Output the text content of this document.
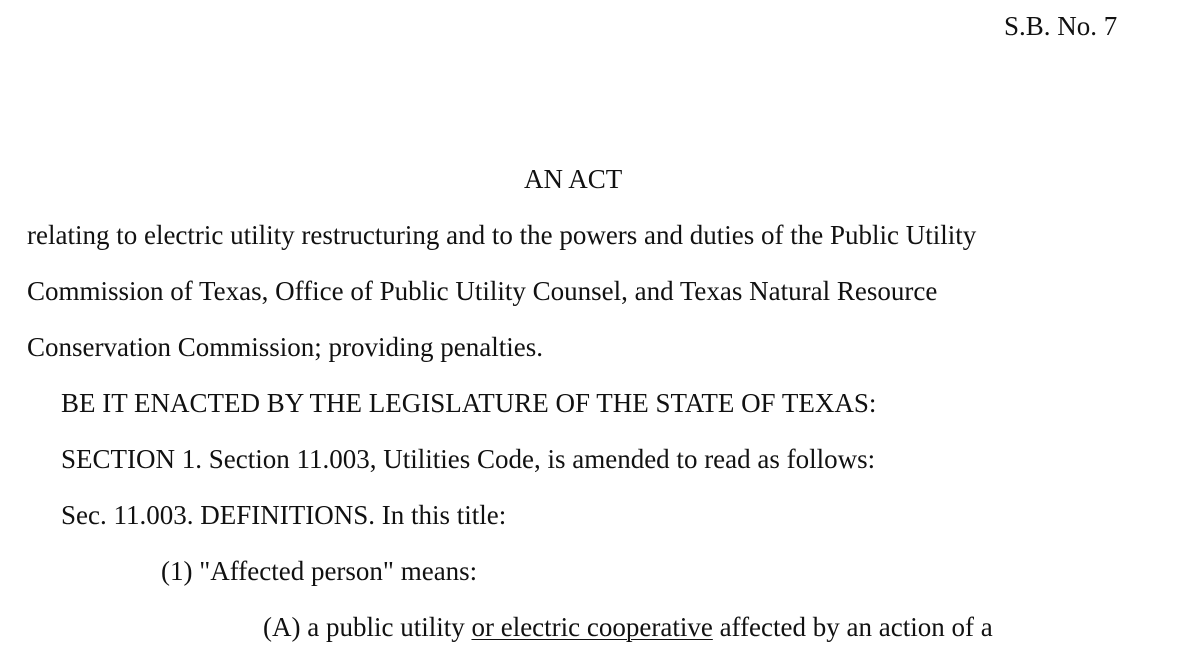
S.B. No. 7
AN ACT
relating to electric utility restructuring and to the powers and duties of the Public Utility
Commission of Texas, Office of Public Utility Counsel, and Texas Natural Resource
Conservation Commission; providing penalties.
BE IT ENACTED BY THE LEGISLATURE OF THE STATE OF TEXAS:
SECTION 1. Section 11.003, Utilities Code, is amended to read as follows:
Sec. 11.003. DEFINITIONS. In this title:
(1) "Affected person" means:
(A) a public utility or electric cooperative affected by an action of a
